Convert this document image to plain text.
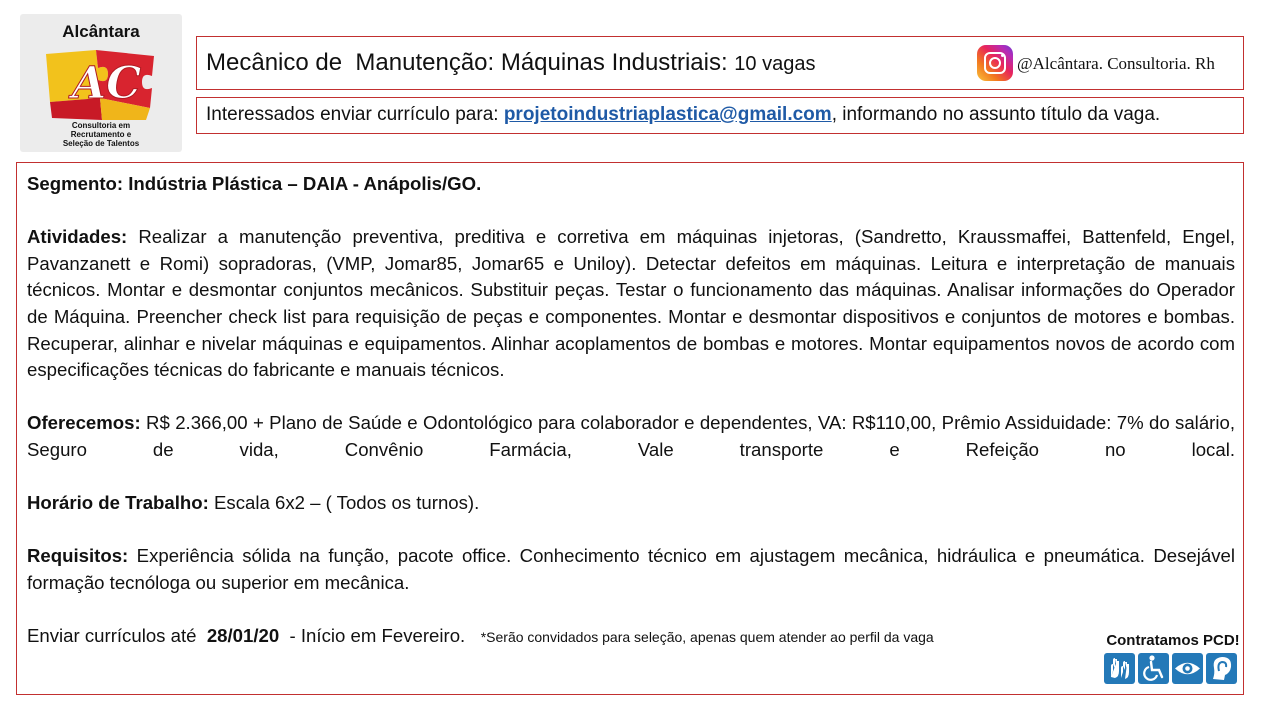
Alcântara
AC
Consultoria em
Recrutamento e
Seleção de Talentos
Mecânico de  Manutenção: Máquinas Industriais: 10 vagas	@Alcântara. Consultoria. Rh
Interessados enviar currículo para: projetoindustriaplastica@gmail.com, informando no assunto título da vaga.

Segmento: Indústria Plástica – DAIA - Anápolis/GO.

Atividades: Realizar a manutenção preventiva, preditiva e corretiva em máquinas injetoras, (Sandretto, Kraussmaffei, Battenfeld, Engel, Pavanzanett e Romi) sopradoras, (VMP, Jomar85, Jomar65 e Uniloy). Detectar defeitos em máquinas. Leitura e interpretação de manuais técnicos. Montar e desmontar conjuntos mecânicos. Substituir peças. Testar o funcionamento das máquinas. Analisar informações do Operador de Máquina. Preencher check list para requisição de peças e componentes. Montar e desmontar dispositivos e conjuntos de motores e bombas. Recuperar, alinhar e nivelar máquinas e equipamentos. Alinhar acoplamentos de bombas e motores. Montar equipamentos novos de acordo com especificações técnicas do fabricante e manuais técnicos.

Oferecemos: R$ 2.366,00 + Plano de Saúde e Odontológico para colaborador e dependentes, VA: R$110,00, Prêmio Assiduidade: 7% do salário, Seguro de vida, Convênio Farmácia, Vale transporte e Refeição no local.

Horário de Trabalho: Escala 6x2 – ( Todos os turnos).

Requisitos: Experiência sólida na função, pacote office. Conhecimento técnico em ajustagem mecânica, hidráulica e pneumática. Desejável formação tecnóloga ou superior em mecânica.

Enviar currículos até  28/01/20  - Início em Fevereiro.   *Serão convidados para seleção, apenas quem atender ao perfil da vaga	Contratamos PCD!
